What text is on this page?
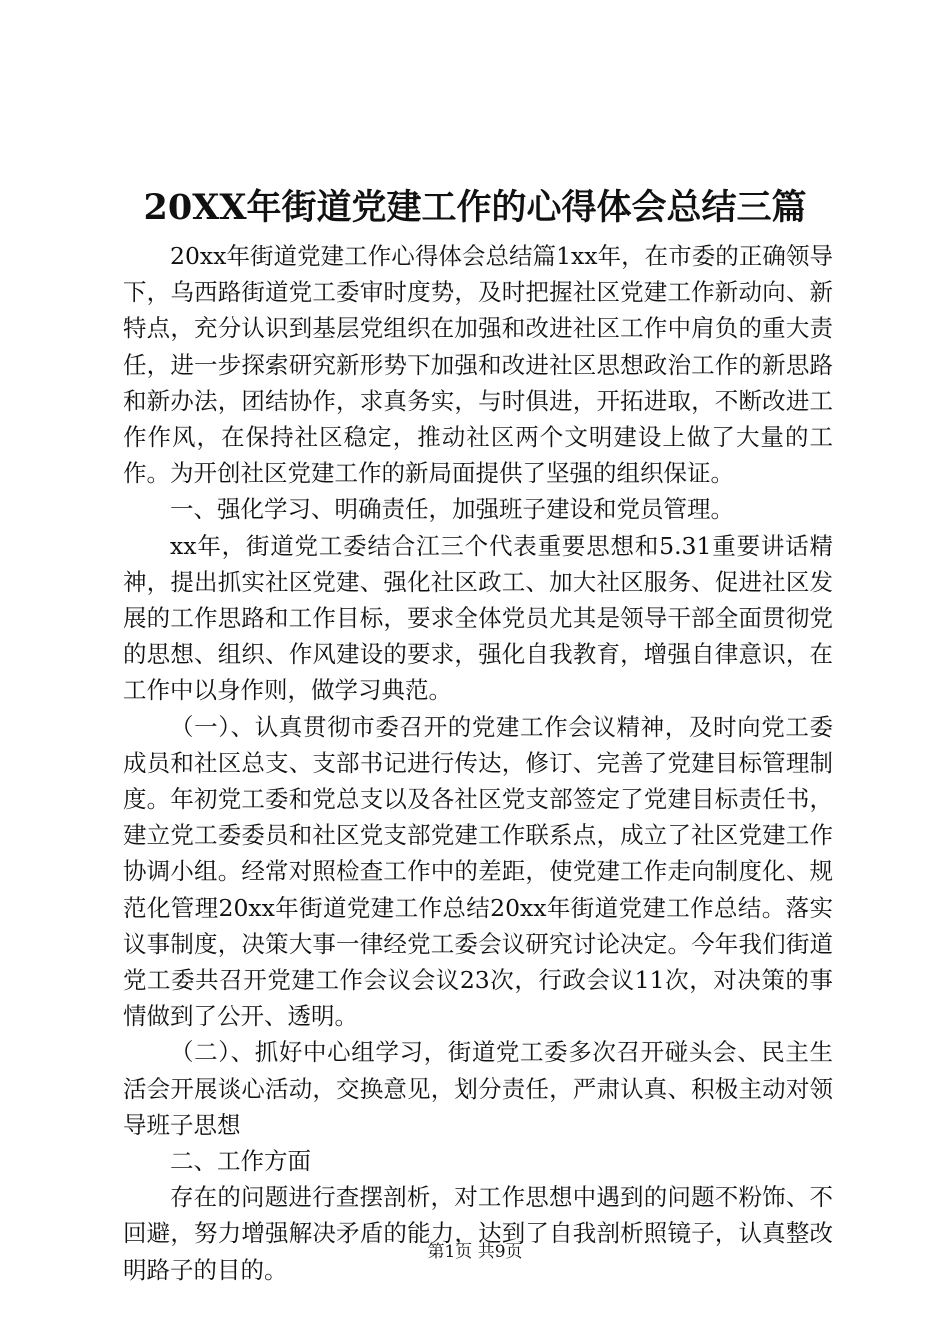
20XX年街道党建工作的心得体会总结三篇

20xx年街道党建工作心得体会总结篇1xx年，在市委的正确领导下，乌西路街道党工委审时度势，及时把握社区党建工作新动向、新特点，充分认识到基层党组织在加强和改进社区工作中肩负的重大责任，进一步探索研究新形势下加强和改进社区思想政治工作的新思路和新办法，团结协作，求真务实，与时俱进，开拓进取，不断改进工作作风，在保持社区稳定，推动社区两个文明建设上做了大量的工作。为开创社区党建工作的新局面提供了坚强的组织保证。

一、强化学习、明确责任，加强班子建设和党员管理。

xx年，街道党工委结合江三个代表重要思想和5.31重要讲话精神，提出抓实社区党建、强化社区政工、加大社区服务、促进社区发展的工作思路和工作目标，要求全体党员尤其是领导干部全面贯彻党的思想、组织、作风建设的要求，强化自我教育，增强自律意识，在工作中以身作则，做学习典范。

（一）、认真贯彻市委召开的党建工作会议精神，及时向党工委成员和社区总支、支部书记进行传达，修订、完善了党建目标管理制度。年初党工委和党总支以及各社区党支部签定了党建目标责任书，建立党工委委员和社区党支部党建工作联系点，成立了社区党建工作协调小组。经常对照检查工作中的差距，使党建工作走向制度化、规范化管理20xx年街道党建工作总结20xx年街道党建工作总结。落实议事制度，决策大事一律经党工委会议研究讨论决定。今年我们街道党工委共召开党建工作会议会议23次，行政会议11次，对决策的事情做到了公开、透明。

（二）、抓好中心组学习，街道党工委多次召开碰头会、民主生活会开展谈心活动，交换意见，划分责任，严肃认真、积极主动对领导班子思想

二、工作方面

存在的问题进行查摆剖析，对工作思想中遇到的问题不粉饰、不回避，努力增强解决矛盾的能力，达到了自我剖析照镜子，认真整改明路子的目的。

第1页 共9页
